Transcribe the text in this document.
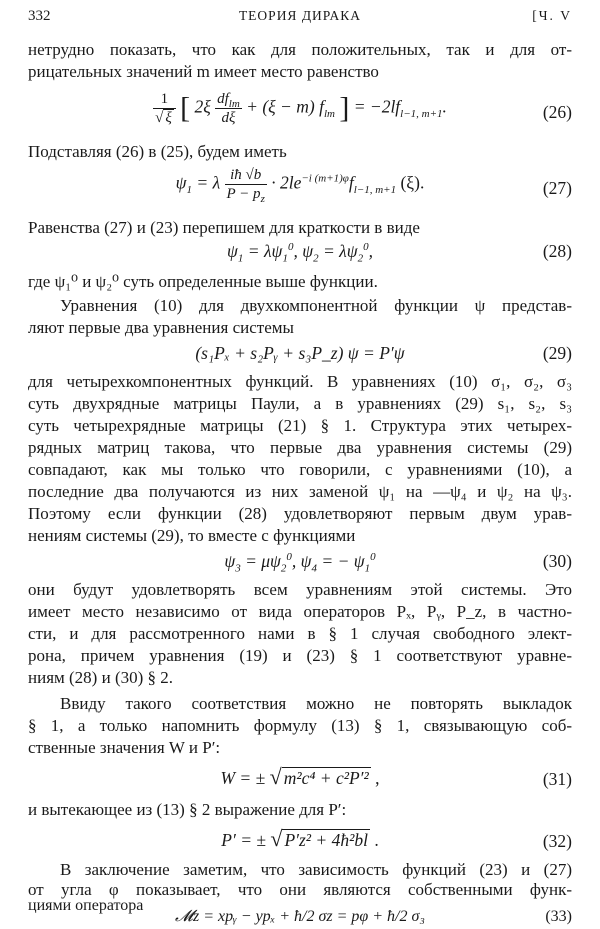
332	ТЕОРИЯ ДИРАКА	[Ч. V
нетрудно показать, что как для положительных, так и для от-
рицательных значений m имеет место равенство
$\frac{1}{√ \xi}$ [ $2\xi \frac{df_{lm}}{d\xi} + (\xi - m)$ $f_{lm}$ ] = $-2lf_{l-1, m+1}$.	(26)
Подставляя (26) в (25), будем иметь
$\psi_1 = \lambda \frac{iħ √b}{P - p_z} \cdot 2le^{-i (m+1)\varphi}f_{l-1, m+1}$ (ξ).	(27)
Равенства (27) и (23) перепишем для краткости в виде
$\psi_1 = \lambda\psi_1^0$, $\psi_2 = \lambda\psi_2^0$,	(28)
где ψ₁⁰ и ψ₂⁰ суть определенные выше функции.
Уравнения (10) для двухкомпонентной функции ψ представ-
ляют первые два уравнения системы
(s₁Pₓ + s₂Pᵧ + s₃P_z) ψ = P′ψ	(29)
для четырехкомпонентных функций. В уравнениях (10) σ₁, σ₂, σ₃
суть двухрядные матрицы Паули, а в уравнениях (29) s₁, s₂, s₃
суть четырехрядные матрицы (21) § 1. Структура этих четырех-
рядных матриц такова, что первые два уравнения системы (29)
совпадают, как мы только что говорили, с уравнениями (10), а
последние два получаются из них заменой ψ₁ на —ψ₄ и ψ₂ на ψ₃.
Поэтому если функции (28) удовлетворяют первым двум урав-
нениям системы (29), то вместе с функциями
$\psi_3 = \mu\psi_2^0$, $\psi_4$ = − $\psi_1^0$	(30)
они будут удовлетворять всем уравнениям этой системы. Это
имеет место независимо от вида операторов Pₓ, Pᵧ, P_z, в частно-
сти, и для рассмотренного нами в § 1 случая свободного элект-
рона, причем уравнения (19) и (23) § 1 соответствуют уравне-
ниям (28) и (30) § 2.
Ввиду такого соответствия можно не повторять выкладок
§ 1, а только напомнить формулу (13) § 1, связывающую соб-
ственные значения W и P′:
W = ± √ m²c⁴ + c²P′² ,	(31)
и вытекающее из (13) § 2 выражение для P′:
P′ = ± √ P′z² + 4ħ²bl .	(32)
В заключение заметим, что зависимость функций (23) и (27)
от угла φ показывает, что они являются собственными функ-
циями оператора
𝓜z = xpᵧ − ypₓ + ħ/2 σz = pφ + ħ/2 σ₃	(33)
